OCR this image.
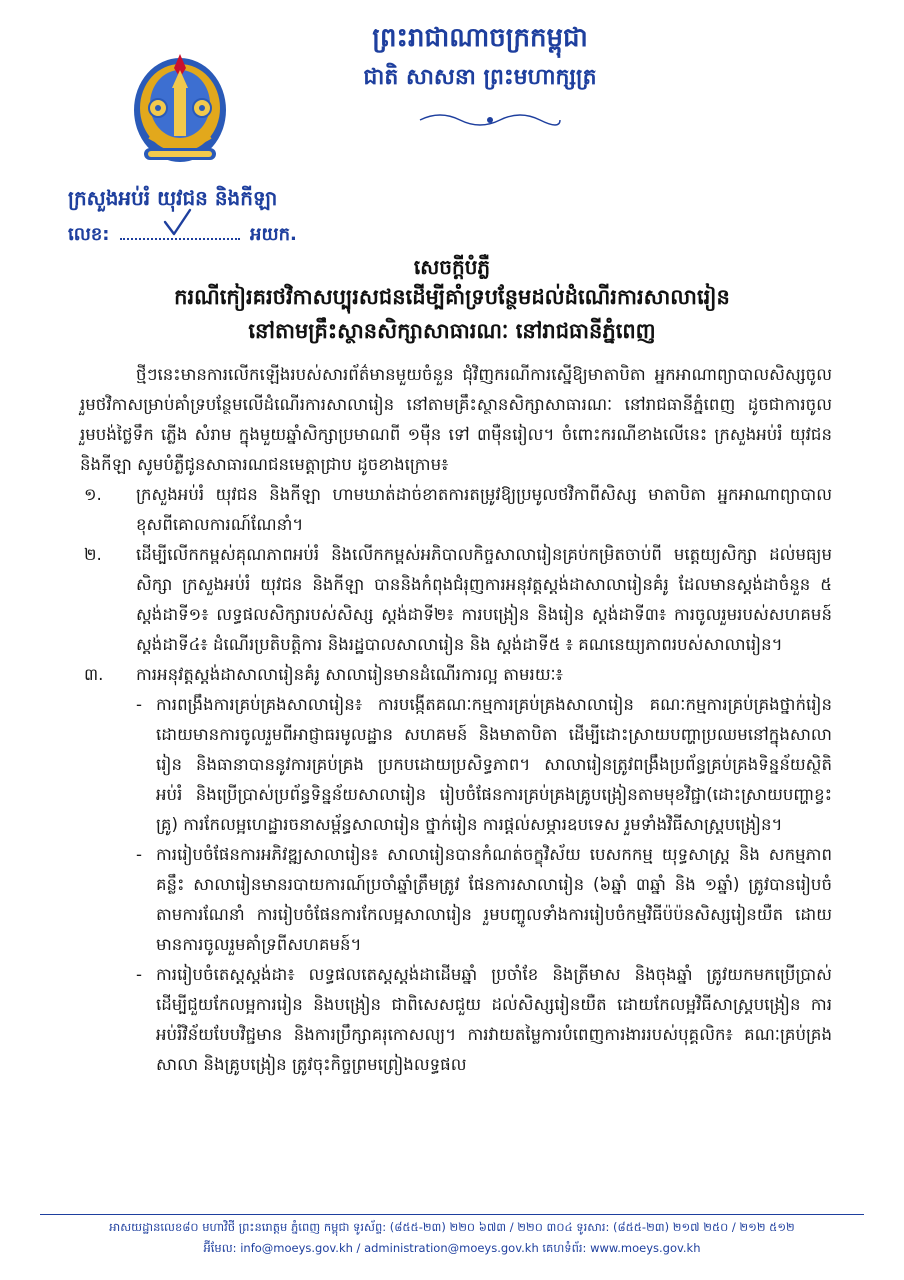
ព្រះរាជាណាចក្រកម្ពុជា
ជាតិ សាសនា ព្រះមហាក្សត្រ
ក្រសួងអប់រំ យុវជន និងកីឡា
លេខ:	អយក.
សេចក្តីបំភ្លឺ
ករណីកៀរគរថវិកាសប្បុរសជនដើម្បីគាំទ្របន្ថែមដល់ដំណើរការសាលារៀន
នៅតាមគ្រឹះស្ថានសិក្សាសាធារណៈ នៅរាជធានីភ្នំពេញ

ថ្មីៗនេះមានការលើកឡើងរបស់សារព័ត៌មានមួយចំនួន ជុំវិញករណីការស្នើឱ្យមាតាបិតា អ្នកអាណាព្យាបាលសិស្សចូលរួមថវិកាសម្រាប់គាំទ្របន្ថែមលើដំណើរការសាលារៀន នៅតាមគ្រឹះស្ថានសិក្សាសាធារណៈ នៅរាជធានីភ្នំពេញ ដូចជាការចូលរួមបង់ថ្លៃទឹក ភ្លើង សំរាម ក្នុងមួយឆ្នាំសិក្សាប្រមាណពី ១ម៉ឺន ទៅ ៣ម៉ឺនរៀល។ ចំពោះករណីខាងលើនេះ ក្រសួងអប់រំ យុវជន និងកីឡា សូមបំភ្លឺជូនសាធារណជនមេត្តាជ្រាប ដូចខាងក្រោម៖

១. ក្រសួងអប់រំ យុវជន និងកីឡា ហាមឃាត់ដាច់ខាតការតម្រូវឱ្យប្រមូលថវិកាពីសិស្ស មាតាបិតា អ្នកអាណាព្យាបាលខុសពីគោលការណ៍ណែនាំ។
២. ដើម្បីលើកកម្ពស់គុណភាពអប់រំ និងលើកកម្ពស់អភិបាលកិច្ចសាលារៀនគ្រប់កម្រិតចាប់ពី មត្តេយ្យសិក្សា ដល់មធ្យមសិក្សា ក្រសួងអប់រំ យុវជន និងកីឡា បាននិងកំពុងជំរុញការអនុវត្តស្តង់ដាសាលារៀនគំរូ ដែលមានស្តង់ដាចំនួន ៥ ស្តង់ដាទី១៖ លទ្ធផលសិក្សារបស់សិស្ស ស្តង់ដាទី២៖ ការបង្រៀន និងរៀន ស្តង់ដាទី៣៖ ការចូលរួមរបស់សហគមន៍ ស្តង់ដាទី៤៖ ដំណើរប្រតិបត្តិការ និងរដ្ឋបាលសាលារៀន និង ស្តង់ដាទី៥ ៖ គណនេយ្យភាពរបស់សាលារៀន។
៣. ការអនុវត្តស្តង់ដាសាលារៀនគំរូ សាលារៀនមានដំណើរការល្អ តាមរយៈ៖
- ការពង្រឹងការគ្រប់គ្រងសាលារៀន៖ ការបង្កើតគណៈកម្មការគ្រប់គ្រងសាលារៀន គណៈកម្មការគ្រប់គ្រងថ្នាក់រៀន ដោយមានការចូលរួមពីអាជ្ញាធរមូលដ្ឋាន សហគមន៍ និងមាតាបិតា ដើម្បីដោះស្រាយបញ្ហាប្រឈមនៅក្នុងសាលារៀន និងធានាបាននូវការគ្រប់គ្រង ប្រកបដោយប្រសិទ្ធភាព។ សាលារៀនត្រូវពង្រឹងប្រព័ន្ធគ្រប់គ្រងទិន្នន័យស្ថិតិអប់រំ និងប្រើប្រាស់ប្រព័ន្ធទិន្នន័យសាលារៀន រៀបចំផែនការគ្រប់គ្រងគ្រូបង្រៀនតាមមុខវិជ្ជា(ដោះស្រាយបញ្ហាខ្វះគ្រូ) ការកែលម្អហេដ្ឋារចនាសម្ព័ន្ធសាលារៀន ថ្នាក់រៀន ការផ្តល់សម្ភារឧបទេស រួមទាំងវិធីសាស្ត្របង្រៀន។
- ការរៀបចំផែនការអភិវឌ្ឍសាលារៀន៖ សាលារៀនបានកំណត់ចក្ខុវិស័យ បេសកកម្ម យុទ្ធសាស្ត្រ និង សកម្មភាពគន្លឹះ សាលារៀនមានរបាយការណ៍ប្រចាំឆ្នាំត្រឹមត្រូវ ផែនការសាលារៀន (៦ឆ្នាំ ៣ឆ្នាំ និង ១ឆ្នាំ) ត្រូវបានរៀបចំតាមការណែនាំ ការរៀបចំផែនការកែលម្អសាលារៀន រួមបញ្ចូលទាំងការរៀបចំកម្មវិធីប៉ប៉នសិស្សរៀនយឺត ដោយមានការចូលរួមគាំទ្រពីសហគមន៍។
- ការរៀបចំតេស្តស្តង់ដា៖ លទ្ធផលតេស្តស្តង់ដាដើមឆ្នាំ ប្រចាំខែ និងត្រីមាស និងចុងឆ្នាំ ត្រូវយកមកប្រើប្រាស់ ដើម្បីជួយកែលម្អការរៀន និងបង្រៀន ជាពិសេសជួយ ដល់សិស្សរៀនយឺត ដោយកែលម្អវិធីសាស្ត្របង្រៀន ការអប់រំវិន័យបែបវិជ្ជមាន និងការប្រឹក្សាគរុកោសល្យ។ ការវាយតម្លៃការបំពេញការងាររបស់បុគ្គលិក៖ គណៈគ្រប់គ្រងសាលា និងគ្រូបង្រៀន ត្រូវចុះកិច្ចព្រមព្រៀងលទ្ធផល
អាសយដ្ឋានលេខ៨០ មហាវិថី ព្រះនរោត្តម ភ្នំពេញ កម្ពុជា ទូរស័ព្ទ: (៨៥៥-២៣) ២២០ ៦៧៣ / ២២០ ៣០៤ ទូរសារ: (៨៥៥-២៣) ២១៧ ២៥០ / ២១២ ៥១២
អ៊ីមែល: info@moeys.gov.kh / administration@moeys.gov.kh គេហទំព័រ: www.moeys.gov.kh
